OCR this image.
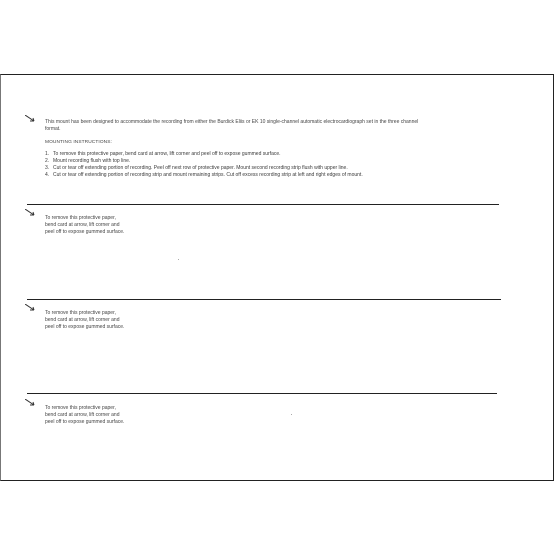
This mount has been designed to accommodate the recording from either the Burdick Eliis or EK 10 single-channel automatic electrocardiograph set in the three channel format.
MOUNTING INSTRUCTIONS:
1. To remove this protective paper, bend card at arrow, lift corner and peel off to expose gummed surface.
2. Mount recording flush with top line.
3. Cut or tear off extending portion of recording. Peel off next row of protective paper. Mount second recording strip flush with upper line.
4. Cut or tear off extending portion of recording strip and mount remaining strips. Cut off excess recording strip at left and right edges of mount.
To remove this protective paper,
bend card at arrow, lift corner and
peel off to expose gummed surface.
To remove this protective paper,
bend card at arrow, lift corner and
peel off to expose gummed surface.
To remove this protective paper,
bend card at arrow, lift corner and
peel off to expose gummed surface.
